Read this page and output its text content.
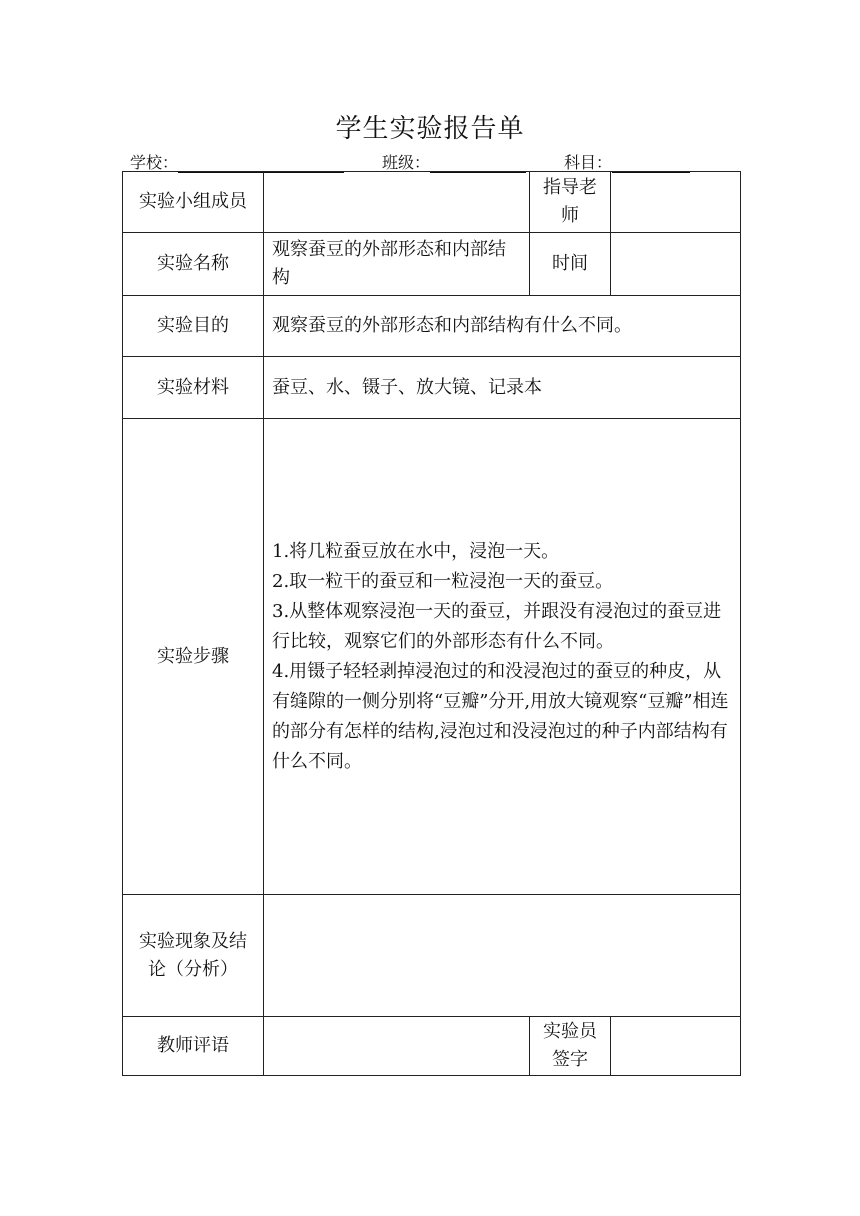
学生实验报告单
学校：	班级：	科目：
实验小组成员		指导老师	
实验名称	观察蚕豆的外部形态和内部结构	时间	
实验目的	观察蚕豆的外部形态和内部结构有什么不同。		
实验材料	蚕豆、水、镊子、放大镜、记录本		
实验步骤	1.将几粒蚕豆放在水中，浸泡一天。

2.取一粒干的蚕豆和一粒浸泡一天的蚕豆。

3.从整体观察浸泡一天的蚕豆，并跟没有浸泡过的蚕豆进行比较，观察它们的外部形态有什么不同。

4.用镊子轻轻剥掉浸泡过的和没浸泡过的蚕豆的种皮，从有缝隙的一侧分别将“豆瓣”分开,用放大镜观察“豆瓣”相连的部分有怎样的结构,浸泡过和没浸泡过的种子内部结构有什么不同。		

实验现象及结论（分析）			
教师评语		实验员签字	
